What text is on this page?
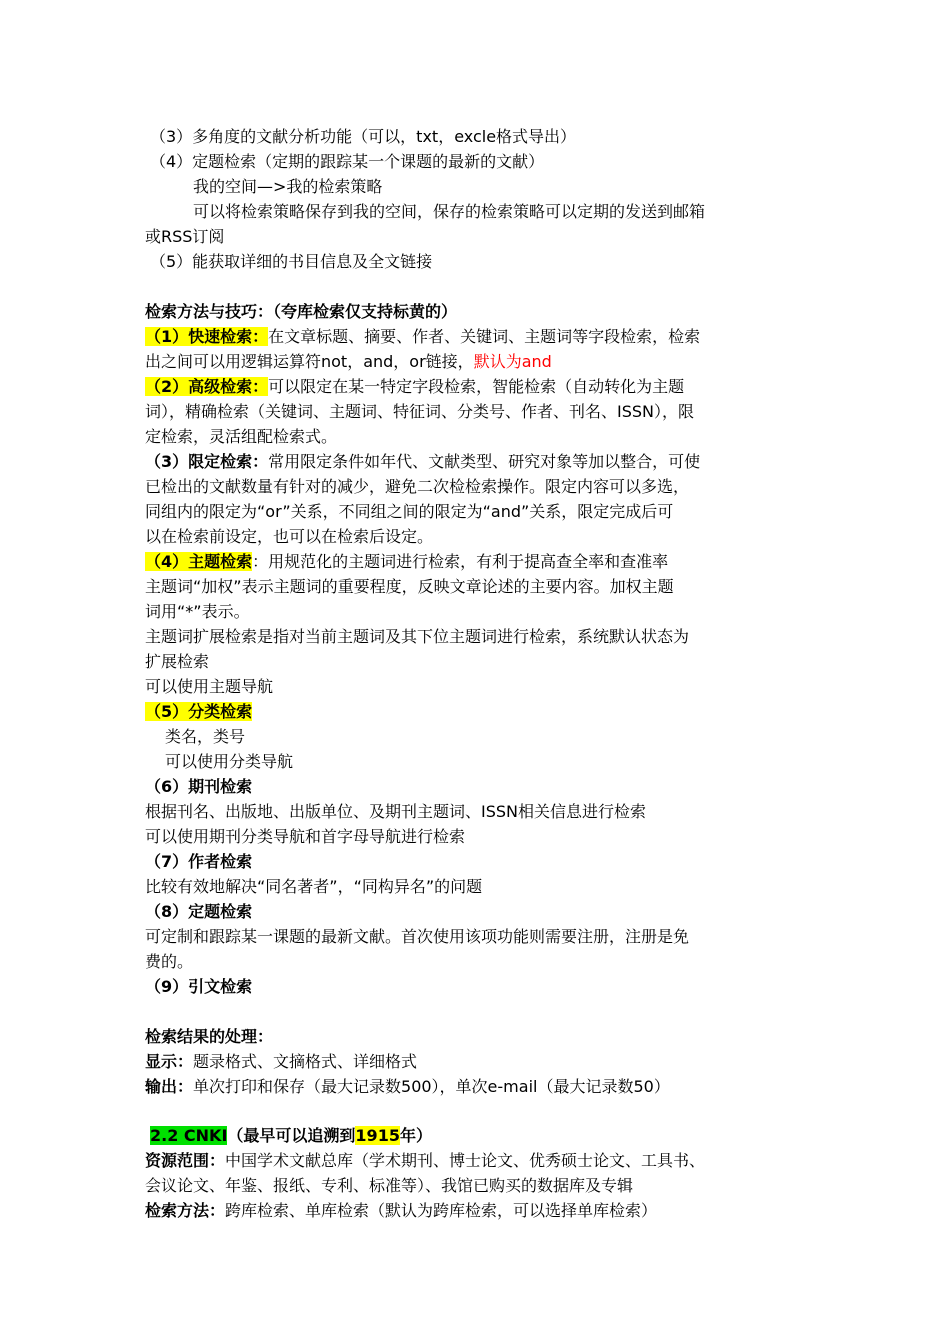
（3）多角度的文献分析功能（可以，txt，excle格式导出）
（4）定题检索（定期的跟踪某一个课题的最新的文献）
我的空间—>我的检索策略
可以将检索策略保存到我的空间，保存的检索策略可以定期的发送到邮箱
或RSS订阅
（5）能获取详细的书目信息及全文链接
检索方法与技巧：（夸库检索仅支持标黄的）
（1）快速检索：在文章标题、摘要、作者、关键词、主题词等字段检索，检索
出之间可以用逻辑运算符not，and，or链接，默认为and
（2）高级检索：可以限定在某一特定字段检索，智能检索（自动转化为主题
词），精确检索（关键词、主题词、特征词、分类号、作者、刊名、ISSN），限
定检索，灵活组配检索式。
（3）限定检索：常用限定条件如年代、文献类型、研究对象等加以整合，可使
已检出的文献数量有针对的减少，避免二次检检索操作。限定内容可以多选，
同组内的限定为“or”关系，不同组之间的限定为“and”关系，限定完成后可
以在检索前设定，也可以在检索后设定。
（4）主题检索：用规范化的主题词进行检索，有利于提高查全率和查准率
主题词“加权”表示主题词的重要程度，反映文章论述的主要内容。加权主题
词用“*”表示。
主题词扩展检索是指对当前主题词及其下位主题词进行检索，系统默认状态为
扩展检索
可以使用主题导航
（5）分类检索
类名，类号
可以使用分类导航
（6）期刊检索
根据刊名、出版地、出版单位、及期刊主题词、ISSN相关信息进行检索
可以使用期刊分类导航和首字母导航进行检索
（7）作者检索
比较有效地解决“同名著者”，“同构异名”的问题
（8）定题检索
可定制和跟踪某一课题的最新文献。首次使用该项功能则需要注册，注册是免
费的。
（9）引文检索
检索结果的处理：
显示：题录格式、文摘格式、详细格式
输出：单次打印和保存（最大记录数500），单次e-mail（最大记录数50）
2.2 CNKI（最早可以追溯到1915年）
资源范围：中国学术文献总库（学术期刊、博士论文、优秀硕士论文、工具书、
会议论文、年鉴、报纸、专利、标准等）、我馆已购买的数据库及专辑
检索方法：跨库检索、单库检索（默认为跨库检索，可以选择单库检索）
